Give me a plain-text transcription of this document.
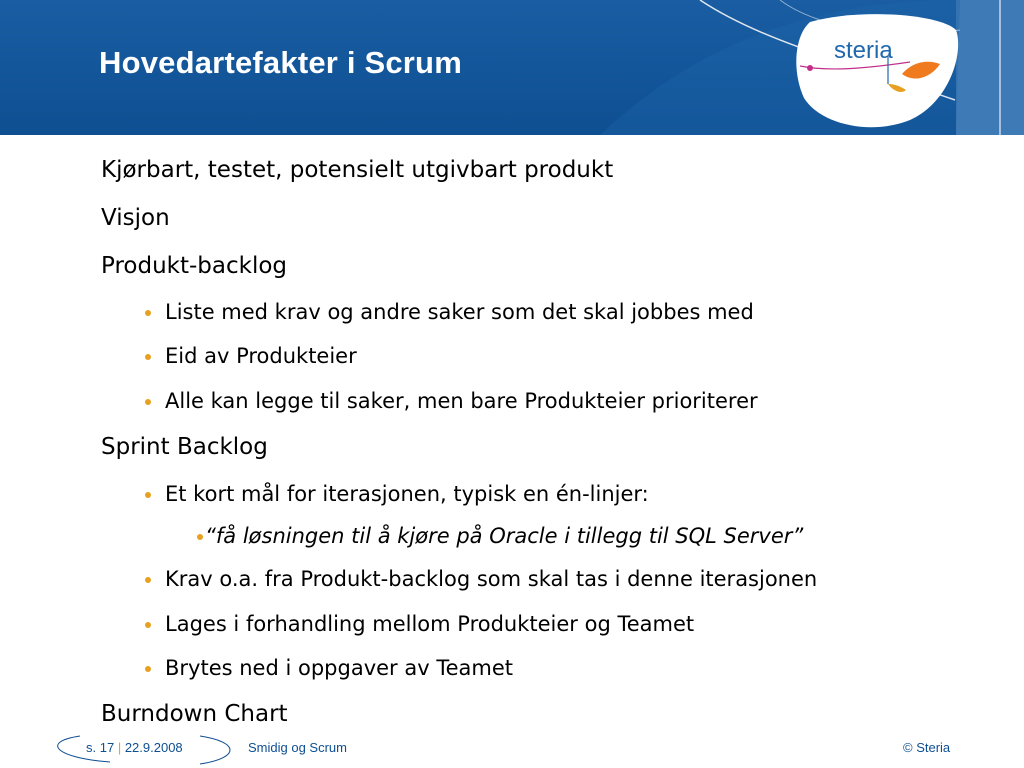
Hovedartefakter i Scrum	steria
Kjørbart, testet, potensielt utgivbart produkt
Visjon
Produkt-backlog
Liste med krav og andre saker som det skal jobbes med
Eid av Produkteier
Alle kan legge til saker, men bare Produkteier prioriterer
Sprint Backlog
Et kort mål for iterasjonen, typisk en én-linjer:
“få løsningen til å kjøre på Oracle i tillegg til SQL Server”
Krav o.a. fra Produkt-backlog som skal tas i denne iterasjonen
Lages i forhandling mellom Produkteier og Teamet
Brytes ned i oppgaver av Teamet
Burndown Chart
s. 17 | 22.9.2008	Smidig og Scrum	© Steria
